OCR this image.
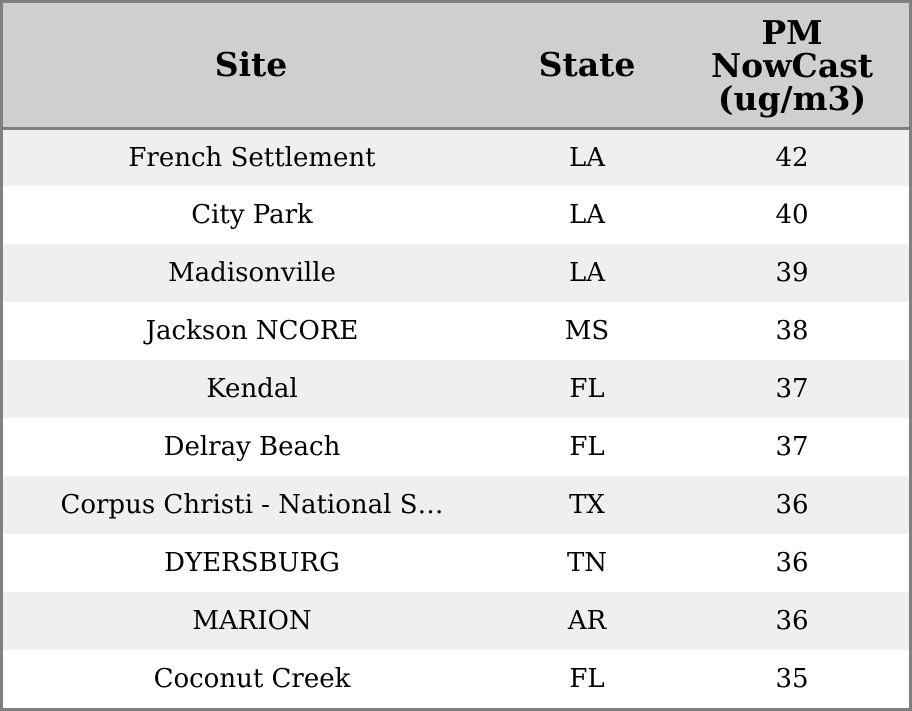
Site	State	PM
NowCast
(ug/m3)
French Settlement	LA	42
City Park	LA	40
Madisonville	LA	39
Jackson NCORE	MS	38
Kendal	FL	37
Delray Beach	FL	37
Corpus Christi - National S…	TX	36
DYERSBURG	TN	36
MARION	AR	36
Coconut Creek	FL	35
